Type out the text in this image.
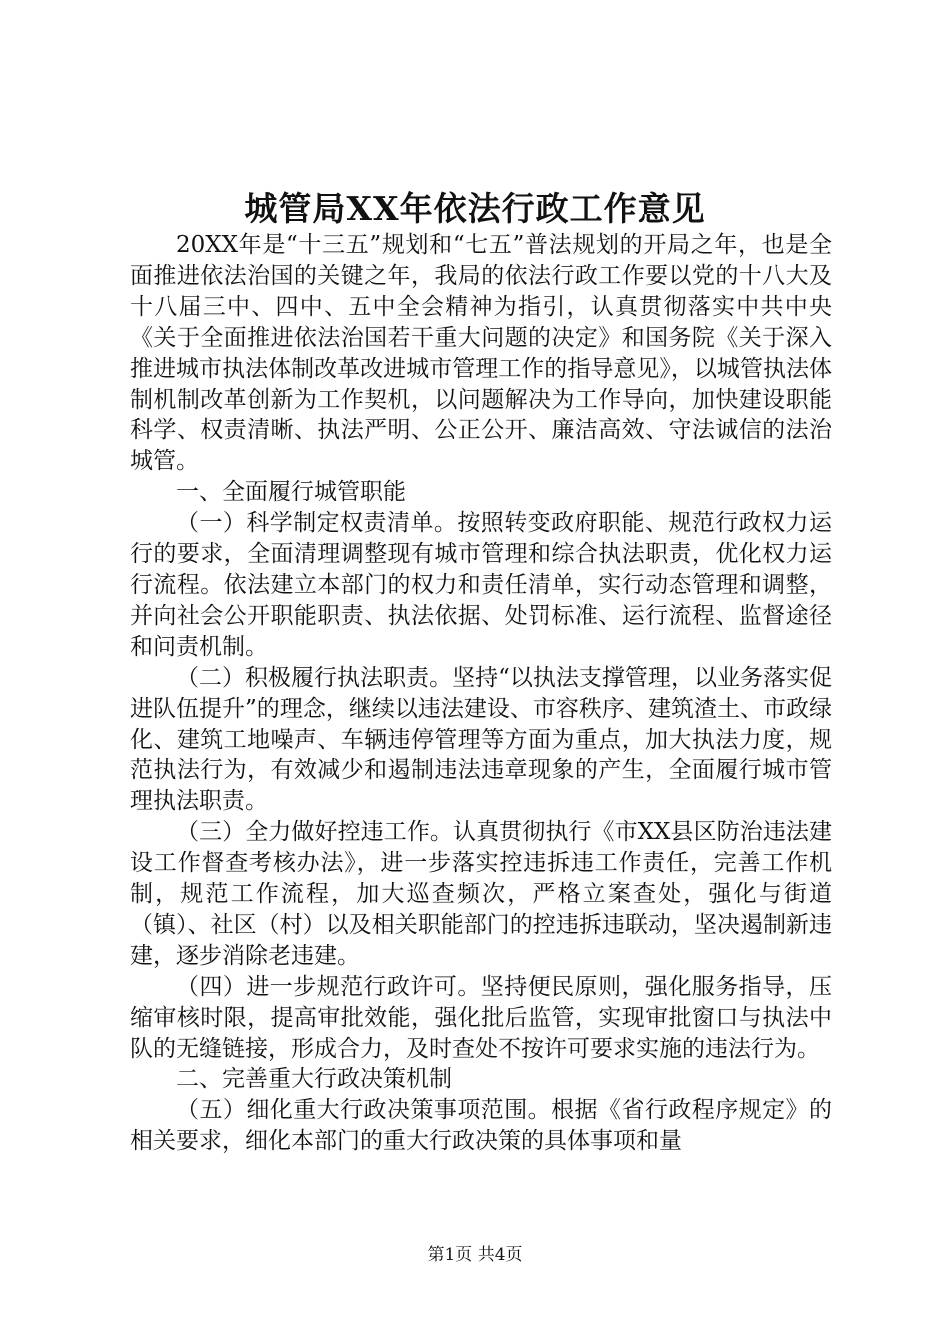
城管局XX年依法行政工作意见

20XX年是“十三五”规划和“七五”普法规划的开局之年，也是全面推进依法治国的关键之年，我局的依法行政工作要以党的十八大及十八届三中、四中、五中全会精神为指引，认真贯彻落实中共中央《关于全面推进依法治国若干重大问题的决定》和国务院《关于深入推进城市执法体制改革改进城市管理工作的指导意见》，以城管执法体制机制改革创新为工作契机，以问题解决为工作导向，加快建设职能科学、权责清晰、执法严明、公正公开、廉洁高效、守法诚信的法治城管。

一、全面履行城管职能

（一）科学制定权责清单。按照转变政府职能、规范行政权力运行的要求，全面清理调整现有城市管理和综合执法职责，优化权力运行流程。依法建立本部门的权力和责任清单，实行动态管理和调整，并向社会公开职能职责、执法依据、处罚标准、运行流程、监督途径和问责机制。

（二）积极履行执法职责。坚持“以执法支撑管理，以业务落实促进队伍提升”的理念，继续以违法建设、市容秩序、建筑渣土、市政绿化、建筑工地噪声、车辆违停管理等方面为重点，加大执法力度，规范执法行为，有效减少和遏制违法违章现象的产生，全面履行城市管理执法职责。

（三）全力做好控违工作。认真贯彻执行《市XX县区防治违法建设工作督查考核办法》，进一步落实控违拆违工作责任，完善工作机制，规范工作流程，加大巡查频次，严格立案查处，强化与街道（镇）、社区（村）以及相关职能部门的控违拆违联动，坚决遏制新违建，逐步消除老违建。

（四）进一步规范行政许可。坚持便民原则，强化服务指导，压缩审核时限，提高审批效能，强化批后监管，实现审批窗口与执法中队的无缝链接，形成合力，及时查处不按许可要求实施的违法行为。

二、完善重大行政决策机制

（五）细化重大行政决策事项范围。根据《省行政程序规定》的相关要求，细化本部门的重大行政决策的具体事项和量

第1页 共4页
